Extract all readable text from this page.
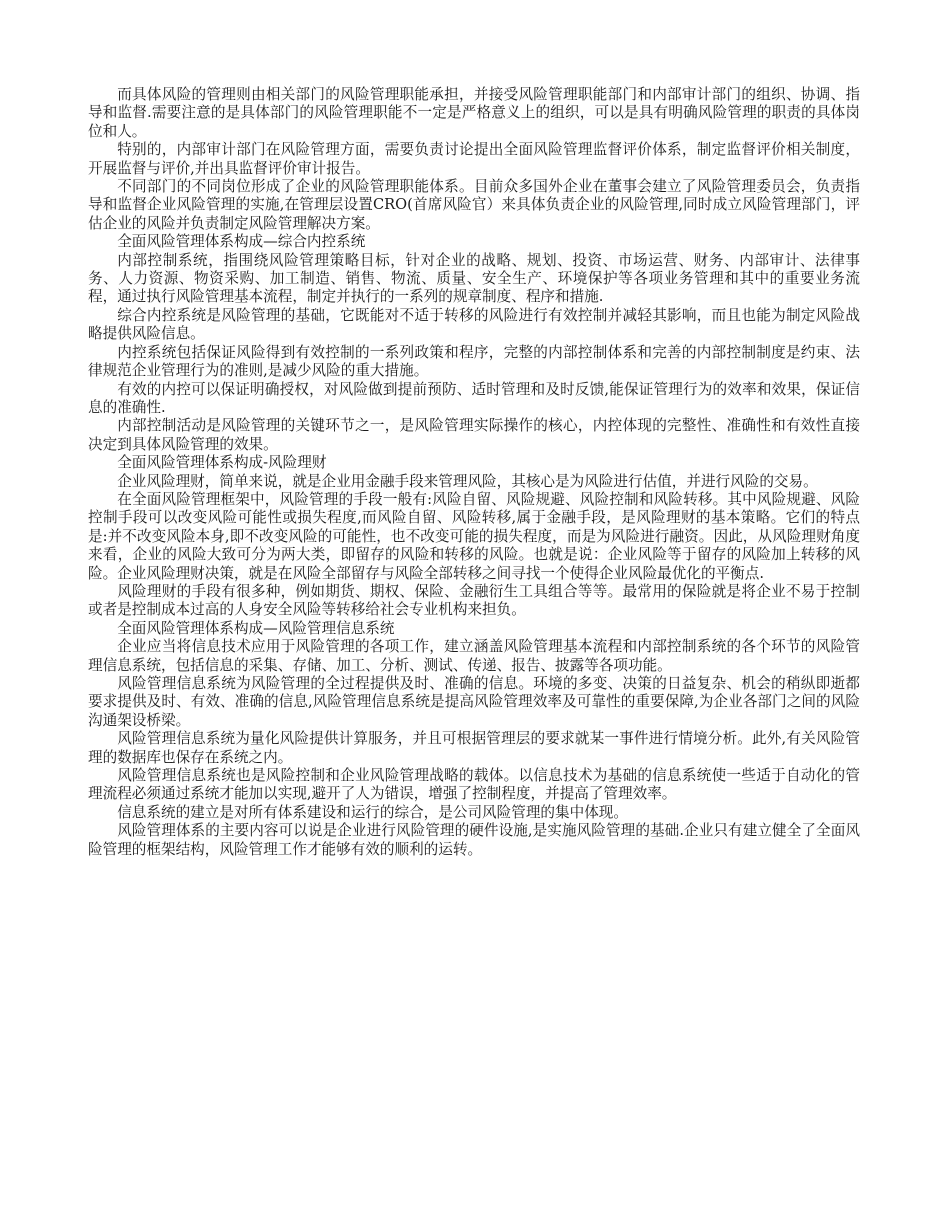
而具体风险的管理则由相关部门的风险管理职能承担，并接受风险管理职能部门和内部审计部门的组织、协调、指导和监督.需要注意的是具体部门的风险管理职能不一定是严格意义上的组织，可以是具有明确风险管理的职责的具体岗位和人。

特别的，内部审计部门在风险管理方面，需要负责讨论提出全面风险管理监督评价体系，制定监督评价相关制度，开展监督与评价,并出具监督评价审计报告。

不同部门的不同岗位形成了企业的风险管理职能体系。目前众多国外企业在董事会建立了风险管理委员会，负责指导和监督企业风险管理的实施,在管理层设置CRO(首席风险官）来具体负责企业的风险管理,同时成立风险管理部门，评估企业的风险并负责制定风险管理解决方案。

全面风险管理体系构成—综合内控系统

内部控制系统，指围绕风险管理策略目标，针对企业的战略、规划、投资、市场运营、财务、内部审计、法律事务、人力资源、物资采购、加工制造、销售、物流、质量、安全生产、环境保护等各项业务管理和其中的重要业务流程，通过执行风险管理基本流程，制定并执行的一系列的规章制度、程序和措施.

综合内控系统是风险管理的基础，它既能对不适于转移的风险进行有效控制并减轻其影响，而且也能为制定风险战略提供风险信息。

内控系统包括保证风险得到有效控制的一系列政策和程序，完整的内部控制体系和完善的内部控制制度是约束、法律规范企业管理行为的准则,是减少风险的重大措施。

有效的内控可以保证明确授权，对风险做到提前预防、适时管理和及时反馈,能保证管理行为的效率和效果，保证信息的准确性.

内部控制活动是风险管理的关键环节之一，是风险管理实际操作的核心，内控体现的完整性、准确性和有效性直接决定到具体风险管理的效果。

全面风险管理体系构成-风险理财

企业风险理财，简单来说，就是企业用金融手段来管理风险，其核心是为风险进行估值，并进行风险的交易。

在全面风险管理框架中，风险管理的手段一般有:风险自留、风险规避、风险控制和风险转移。其中风险规避、风险控制手段可以改变风险可能性或损失程度,而风险自留、风险转移,属于金融手段，是风险理财的基本策略。它们的特点是:并不改变风险本身,即不改变风险的可能性，也不改变可能的损失程度，而是为风险进行融资。因此，从风险理财角度来看，企业的风险大致可分为两大类，即留存的风险和转移的风险。也就是说：企业风险等于留存的风险加上转移的风险。企业风险理财决策，就是在风险全部留存与风险全部转移之间寻找一个使得企业风险最优化的平衡点.

风险理财的手段有很多种，例如期货、期权、保险、金融衍生工具组合等等。最常用的保险就是将企业不易于控制或者是控制成本过高的人身安全风险等转移给社会专业机构来担负。

全面风险管理体系构成—风险管理信息系统

企业应当将信息技术应用于风险管理的各项工作，建立涵盖风险管理基本流程和内部控制系统的各个环节的风险管理信息系统，包括信息的采集、存储、加工、分析、测试、传递、报告、披露等各项功能。

风险管理信息系统为风险管理的全过程提供及时、准确的信息。环境的多变、决策的日益复杂、机会的稍纵即逝都要求提供及时、有效、准确的信息,风险管理信息系统是提高风险管理效率及可靠性的重要保障,为企业各部门之间的风险沟通架设桥梁。

风险管理信息系统为量化风险提供计算服务，并且可根据管理层的要求就某一事件进行情境分析。此外,有关风险管理的数据库也保存在系统之内。

风险管理信息系统也是风险控制和企业风险管理战略的载体。以信息技术为基础的信息系统使一些适于自动化的管理流程必须通过系统才能加以实现,避开了人为错误，增强了控制程度，并提高了管理效率。

信息系统的建立是对所有体系建设和运行的综合，是公司风险管理的集中体现。

风险管理体系的主要内容可以说是企业进行风险管理的硬件设施,是实施风险管理的基础.企业只有建立健全了全面风险管理的框架结构，风险管理工作才能够有效的顺利的运转。
